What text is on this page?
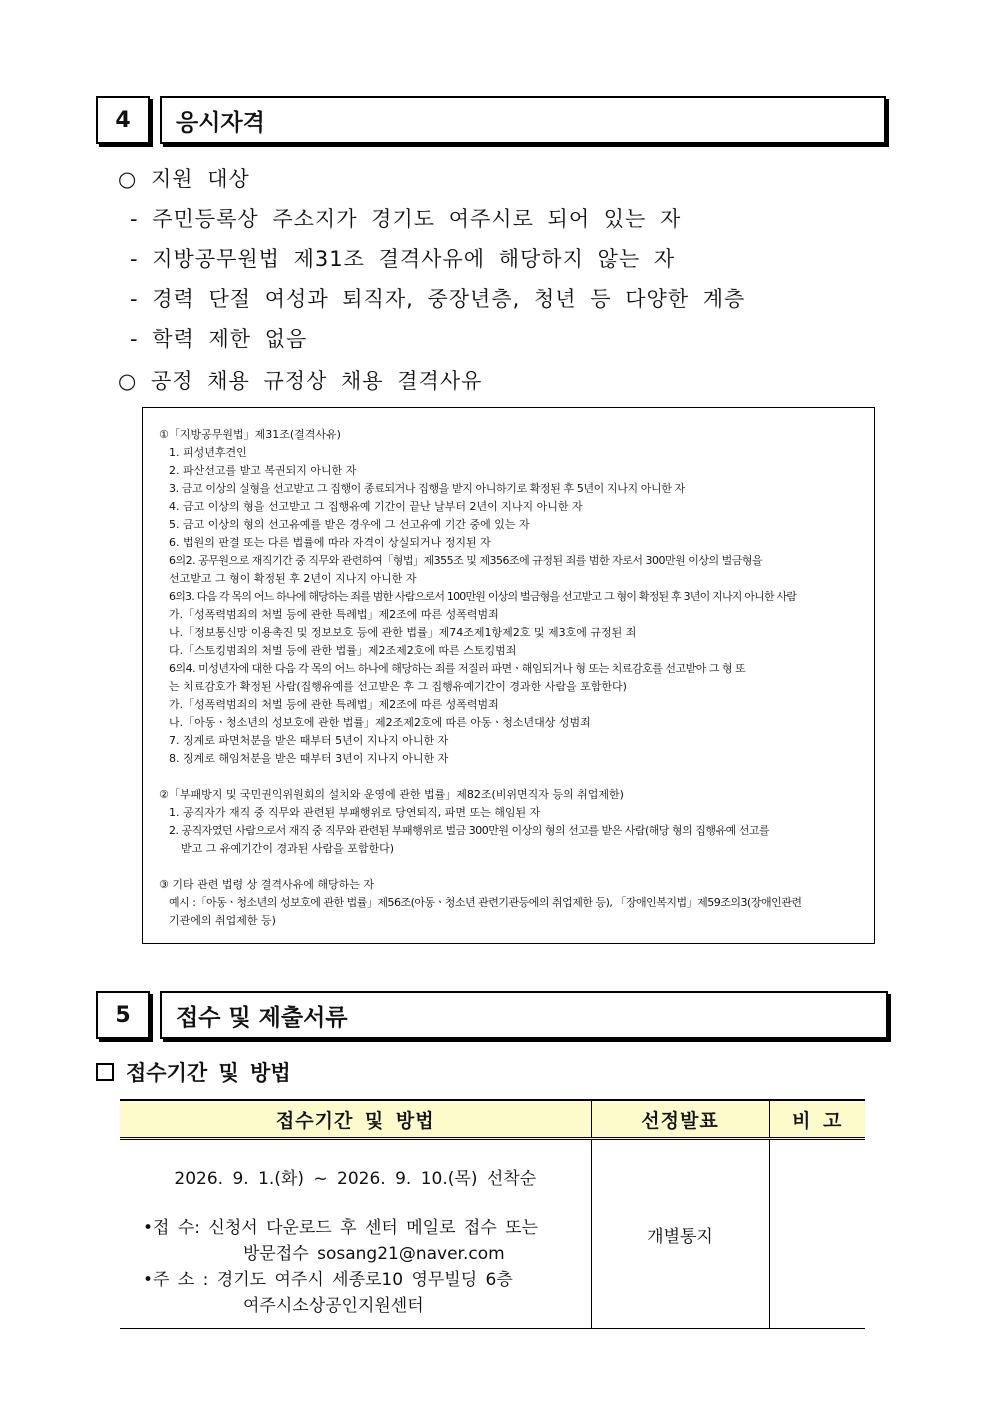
4	응시자격
○ 지원 대상
- 주민등록상 주소지가 경기도 여주시로 되어 있는 자
- 지방공무원법 제31조 결격사유에 해당하지 않는 자
- 경력 단절 여성과 퇴직자, 중장년층, 청년 등 다양한 계층
- 학력 제한 없음
○ 공정 채용 규정상 채용 결격사유
①「지방공무원법」제31조(결격사유)
1. 피성년후견인
2. 파산선고를 받고 복권되지 아니한 자
3. 금고 이상의 실형을 선고받고 그 집행이 종료되거나 집행을 받지 아니하기로 확정된 후 5년이 지나지 아니한 자
4. 금고 이상의 형을 선고받고 그 집행유예 기간이 끝난 날부터 2년이 지나지 아니한 자
5. 금고 이상의 형의 선고유예를 받은 경우에 그 선고유예 기간 중에 있는 자
6. 법원의 판결 또는 다른 법률에 따라 자격이 상실되거나 정지된 자
6의2. 공무원으로 재직기간 중 직무와 관련하여「형법」제355조 및 제356조에 규정된 죄를 범한 자로서 300만원 이상의 벌금형을
선고받고 그 형이 확정된 후 2년이 지나지 아니한 자
6의3. 다음 각 목의 어느 하나에 해당하는 죄를 범한 사람으로서 100만원 이상의 벌금형을 선고받고 그 형이 확정된 후 3년이 지나지 아니한 사람
가.「성폭력범죄의 처벌 등에 관한 특례법」제2조에 따른 성폭력범죄
나.「정보통신망 이용촉진 및 정보보호 등에 관한 법률」제74조제1항제2호 및 제3호에 규정된 죄
다.「스토킹범죄의 처벌 등에 관한 법률」제2조제2호에 따른 스토킹범죄
6의4. 미성년자에 대한 다음 각 목의 어느 하나에 해당하는 죄를 저질러 파면ㆍ해임되거나 형 또는 치료감호를 선고받아 그 형 또
는 치료감호가 확정된 사람(집행유예를 선고받은 후 그 집행유예기간이 경과한 사람을 포함한다)
가.「성폭력범죄의 처벌 등에 관한 특례법」제2조에 따른 성폭력범죄
나.「아동ㆍ청소년의 성보호에 관한 법률」제2조제2호에 따른 아동ㆍ청소년대상 성범죄
7. 징계로 파면처분을 받은 때부터 5년이 지나지 아니한 자
8. 징계로 해임처분을 받은 때부터 3년이 지나지 아니한 자
②「부패방지 및 국민권익위원회의 설치와 운영에 관한 법률」제82조(비위면직자 등의 취업제한)
1. 공직자가 재직 중 직무와 관련된 부패행위로 당연퇴직, 파면 또는 해임된 자
2. 공직자였던 사람으로서 재직 중 직무와 관련된 부패행위로 벌금 300만원 이상의 형의 선고를 받은 사람(해당 형의 집행유예 선고를
받고 그 유예기간이 경과된 사람을 포함한다)
③ 기타 관련 법령 상 결격사유에 해당하는 자
예시 :「아동ㆍ청소년의 성보호에 관한 법률」제56조(아동ㆍ청소년 관련기관등에의 취업제한 등), 「장애인복지법」제59조의3(장애인관련
기관에의 취업제한 등)
5	접수 및 제출서류
접수기간 및 방법
접수기간 및 방법	선정발표	비 고
2026. 9. 1.(화) ~ 2026. 9. 10.(목) 선착순	개별통지	

•접 수: 신청서 다운로드 후 센터 메일로 접수 또는
방문접수 sosang21@naver.com
•주 소 : 경기도 여주시 세종로10 영무빌딩 6층
여주시소상공인지원센터		
